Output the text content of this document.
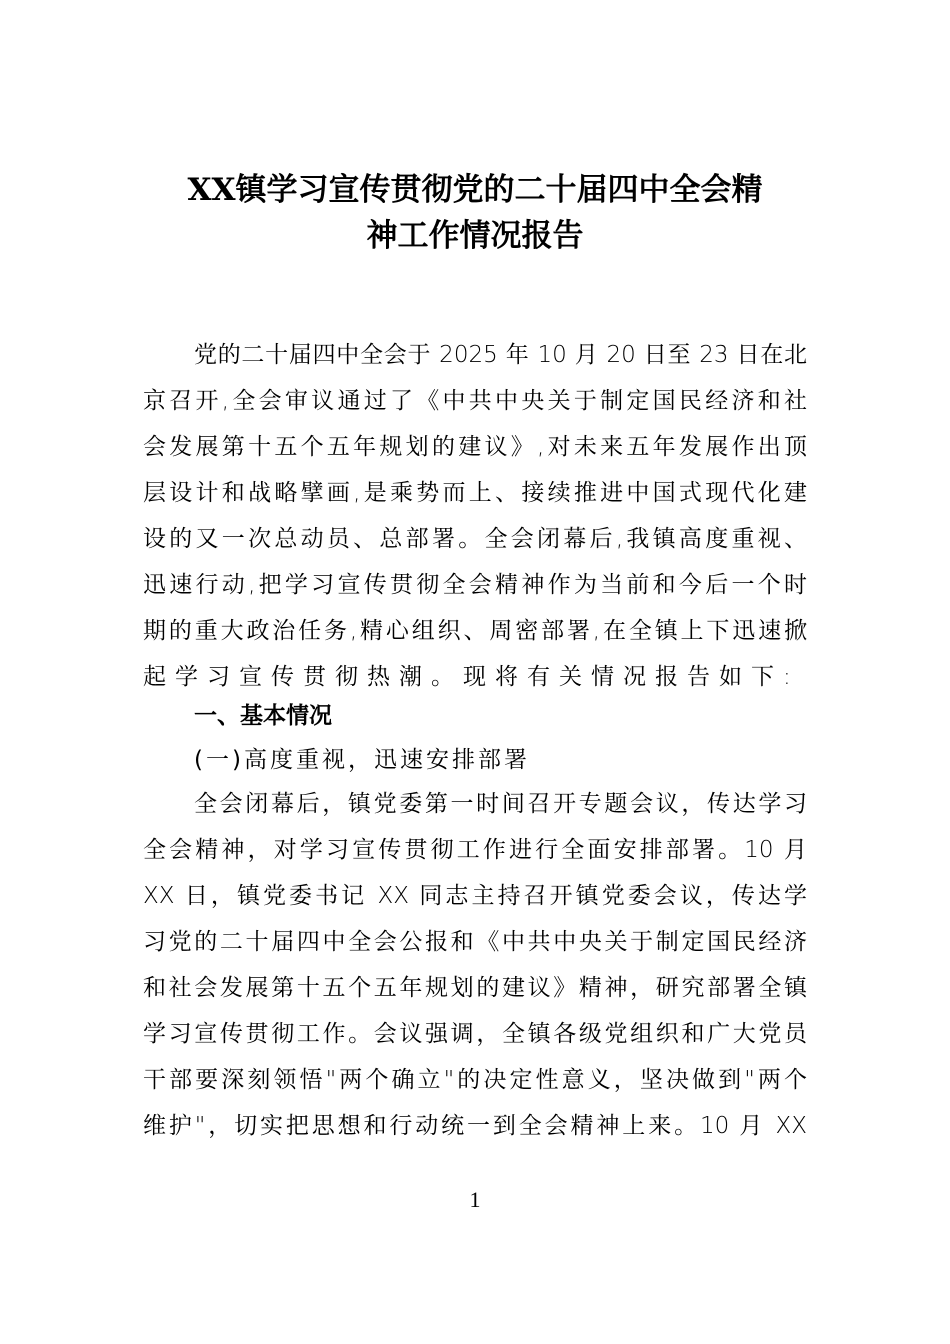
XX镇学习宣传贯彻党的二十届四中全会精
神工作情况报告
党的二十届四中全会于 2025 年 10 月 20 日至 23 日在北
京召开,全会审议通过了《中共中央关于制定国民经济和社
会发展第十五个五年规划的建议》,对未来五年发展作出顶
层设计和战略擘画,是乘势而上、接续推进中国式现代化建
设的又一次总动员、总部署。全会闭幕后,我镇高度重视、
迅速行动,把学习宣传贯彻全会精神作为当前和今后一个时
期的重大政治任务,精心组织、周密部署,在全镇上下迅速掀
起学习宣传贯彻热潮。现将有关情况报告如下:
一、基本情况
(一)高度重视，迅速安排部署
全会闭幕后，镇党委第一时间召开专题会议，传达学习
全会精神，对学习宣传贯彻工作进行全面安排部署。10 月
XX 日，镇党委书记 XX 同志主持召开镇党委会议，传达学
习党的二十届四中全会公报和《中共中央关于制定国民经济
和社会发展第十五个五年规划的建议》精神，研究部署全镇
学习宣传贯彻工作。会议强调，全镇各级党组织和广大党员
干部要深刻领悟"两个确立"的决定性意义，坚决做到"两个
维护"，切实把思想和行动统一到全会精神上来。10 月 XX
1
